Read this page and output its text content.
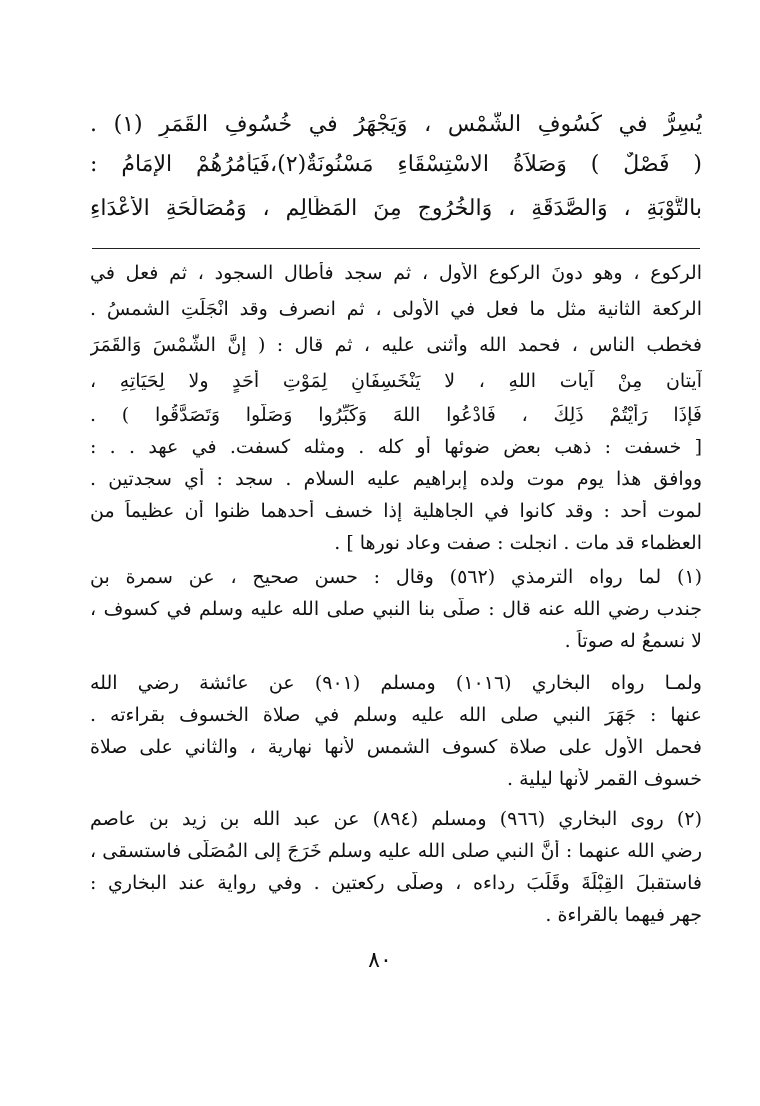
يُسِرُّ في كُسُوفِ الشَّمْسِ ، وَيَجْهَرُ في خُسُوفِ القَمَرِ (١) .
( فَصْلٌ ) وَصَلاَةُ الاسْتِسْقَاءِ مَسْنُونَةٌ(٢)،فَيَأْمُرُهُمْ الإمَامُ :
بالتَّوْبَةِ ، وَالصَّدَقَةِ ، وَالخُرُوجِ مِنَ المَظَالِمِ ، وَمُصَالَحَةِ الأعْدَاءِ
الركوع ، وهو دونَ الركوع الأول ، ثم سجد فأطال السجود ، ثم فعل في
الركعة الثانية مثل ما فعل في الأولى ، ثم انصرف وقد انْجَلَتِ الشمسُ .
فخطب الناس ، فحمد الله وأثنى عليه ، ثم قال : ( إنَّ الشَّمْسَ وَالقَمَرَ
آيتان مِنْ آيات اللهِ ، لا يَنْخَسِفَانِ لِمَوْتِ أحَدٍ ولا لِحَيَاتِهِ ،
فَإذَا رَأيْتُمْ ذَلِكَ ، فَادْعُوا اللهَ وَكَبِّرُوا وَصَلُّوا وَتَصَدَّقُوا ) .
[ خسفت : ذهب بعض ضوئها أو كله . ومثله كسفت. في عهد . . :
ووافق هذا يوم موت ولده إبراهيم عليه السلام . سجد : أي سجدتين .
لموت أحد : وقد كانوا في الجاهلية إذا خسف أحدهما ظنوا أن عظيماً من
العظماء قد مات . انجلت : صفت وعاد نورها ] .
(١) لما رواه الترمذي (٥٦٢) وقال : حسن صحيح ، عن سمرة بن
جندب رضي الله عنه قال : صلّى بنا النبي صلى الله عليه وسلم في كسوف ،
لا نسمعُ له صوتاً .
ولمـا رواه البخاري (١٠١٦) ومسلم (٩٠١) عن عائشة رضي الله
عنها : جَهَرَ النبي صلى الله عليه وسلم في صلاة الخسوف بقراءته .
فحمل الأول على صلاة كسوف الشمس لأنها نهارية ، والثاني على صلاة
خسوف القمر لأنها ليلية .
(٢) روى البخاري (٩٦٦) ومسلم (٨٩٤) عن عبد الله بن زيد بن عاصم
رضي الله عنهما : أنَّ النبي صلى الله عليه وسلم خَرَجَ إلى المُصَلَّى فاستسقى ،
فاستقبلَ القِبْلَةَ وقَلَبَ رداءه ، وصلّى ركعتين . وفي رواية عند البخاري :
جهر فيهما بالقراءة .
٨٠
